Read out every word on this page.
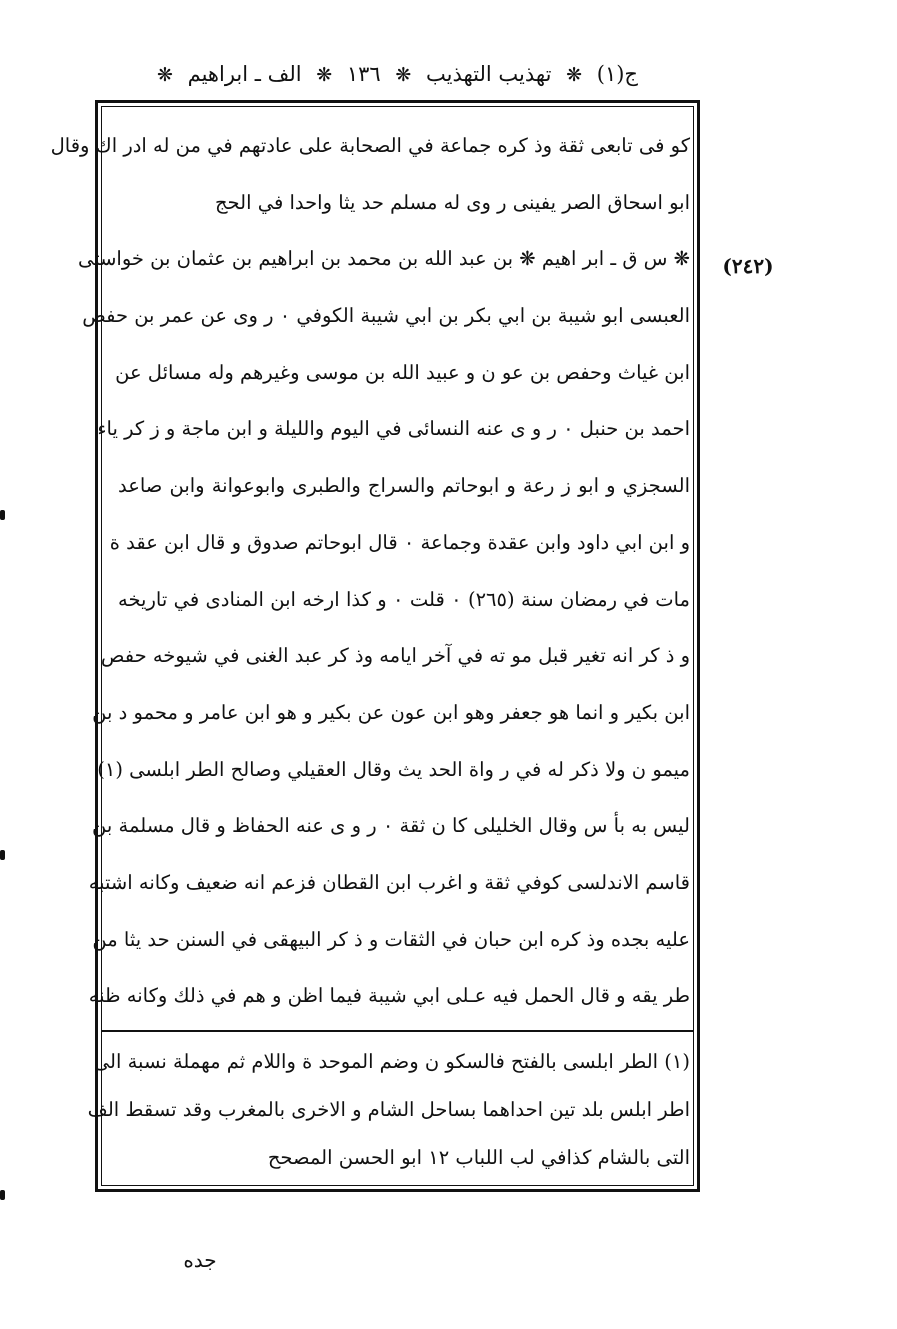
ج(١) ❋ تهذيب التهذيب ❋ ١٣٦ ❋ الف ـ ابراهيم ❋
(٢٤٢)
كو فى تابعى ثقة وذ كره جماعة في الصحابة على عادتهم في من له ادر اك وقال
ابو اسحاق الصر يفينى ر وى له مسلم حد يثا واحدا في الحج
❋ س ق ـ ابر اهيم ❋ بن عبد الله بن محمد بن ابراهيم بن عثمان بن خواستى
العبسى ابو شيبة بن ابي بكر بن ابي شيبة الكوفي ٠ ر وى عن عمر بن حفص
ابن غياث وحفص بن عو ن و عبيد الله بن موسى وغيرهم وله مسائل عن
احمد بن حنبل ٠ ر و ى عنه النسائى في اليوم والليلة و ابن ماجة و ز كر ياء
السجزي و ابو ز رعة و ابوحاتم والسراج والطبرى وابوعوانة وابن صاعد
و ابن ابي داود وابن عقدة وجماعة ٠ قال ابوحاتم صدوق و قال ابن عقد ة
مات في رمضان سنة (٢٦٥) ٠ قلت ٠ و كذا ارخه ابن المنادى في تاريخه
و ذ كر انه تغير قبل مو ته في آخر ايامه وذ كر عبد الغنى في شيوخه حفص
ابن بكير و انما هو جعفر وهو ابن عون عن بكير و هو ابن عامر و محمو د بن
ميمو ن ولا ذكر له في ر واة الحد يث وقال العقيلي وصالح الطر ابلسى (١)
ليس به بأ س وقال الخليلى كا ن ثقة ٠ ر و ى عنه الحفاظ و قال مسلمة بن
قاسم الاندلسى كوفي ثقة و اغرب ابن القطان فزعم انه ضعيف وكانه اشتبه
عليه بجده وذ كره ابن حبان في الثقات و ذ كر البيهقى في السنن حد يثا من
طر يقه و قال الحمل فيه عـلى ابي شيبة فيما اظن و هم في ذلك وكانه ظنه
(١) الطر ابلسى بالفتح فالسكو ن وضم الموحد ة واللام ثم مهملة نسبة الى
اطر ابلس بلد تين احداهما بساحل الشام و الاخرى بالمغرب وقد تسقط الف
التى بالشام كذافي لب اللباب ١٢ ابو الحسن المصحح
جده
